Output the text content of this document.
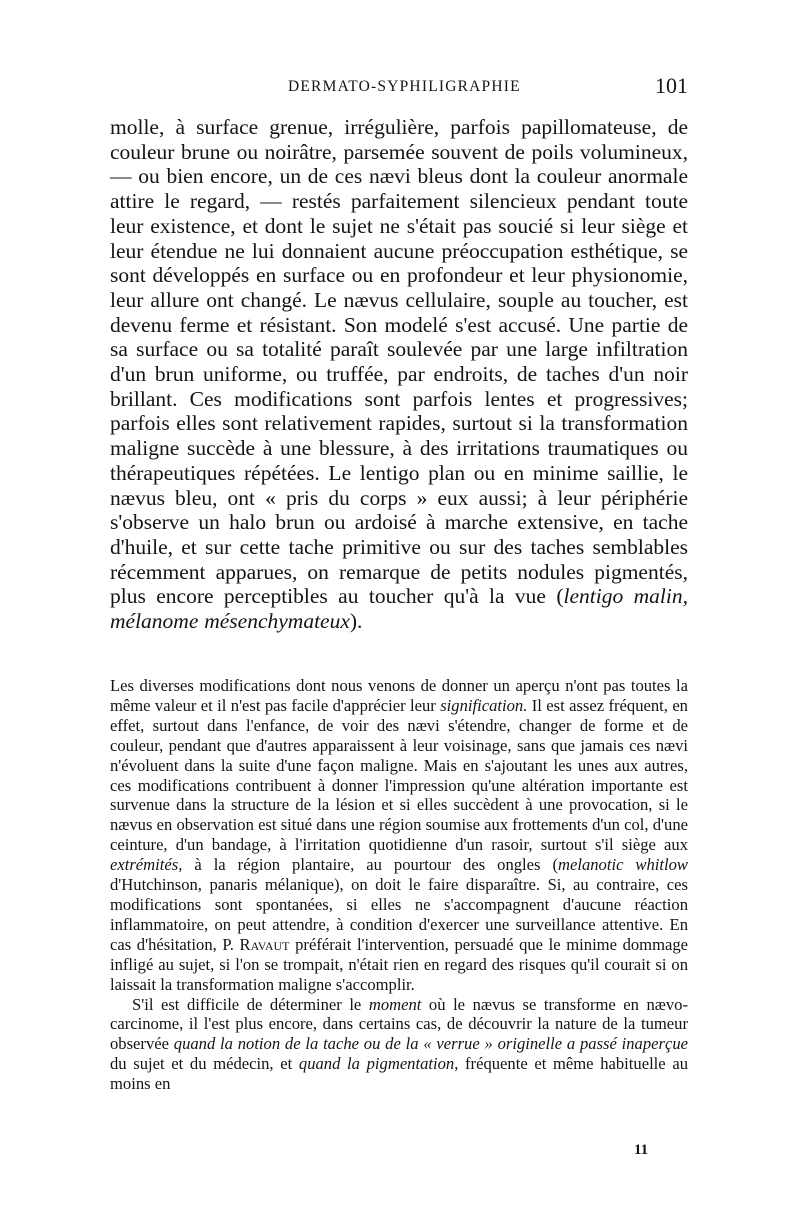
DERMATO-SYPHILIGRAPHIE	101

molle, à surface grenue, irrégulière, parfois papillomateuse, de couleur brune ou noirâtre, parsemée souvent de poils volumineux, — ou bien encore, un de ces nævi bleus dont la couleur anormale attire le regard, — restés parfaitement silencieux pendant toute leur existence, et dont le sujet ne s'était pas soucié si leur siège et leur étendue ne lui donnaient aucune préoccupation esthétique, se sont développés en surface ou en profondeur et leur physionomie, leur allure ont changé. Le nævus cellulaire, souple au toucher, est devenu ferme et résistant. Son modelé s'est accusé. Une partie de sa surface ou sa totalité paraît soulevée par une large infiltration d'un brun uniforme, ou truffée, par endroits, de taches d'un noir brillant. Ces modifications sont parfois lentes et progressives; parfois elles sont relativement rapides, surtout si la transformation maligne succède à une blessure, à des irritations traumatiques ou thérapeutiques répétées. Le lentigo plan ou en minime saillie, le nævus bleu, ont « pris du corps » eux aussi; à leur périphérie s'observe un halo brun ou ardoisé à marche extensive, en tache d'huile, et sur cette tache primitive ou sur des taches semblables récemment apparues, on remarque de petits nodules pigmentés, plus encore perceptibles au toucher qu'à la vue (lentigo malin, mélanome mésenchymateux).

Les diverses modifications dont nous venons de donner un aperçu n'ont pas toutes la même valeur et il n'est pas facile d'apprécier leur signification. Il est assez fréquent, en effet, surtout dans l'enfance, de voir des nævi s'étendre, changer de forme et de couleur, pendant que d'autres apparaissent à leur voisinage, sans que jamais ces nævi n'évoluent dans la suite d'une façon maligne. Mais en s'ajoutant les unes aux autres, ces modifications contribuent à donner l'impression qu'une altération importante est survenue dans la structure de la lésion et si elles succèdent à une provocation, si le nævus en observation est situé dans une région soumise aux frottements d'un col, d'une ceinture, d'un bandage, à l'irritation quotidienne d'un rasoir, surtout s'il siège aux extrémités, à la région plantaire, au pourtour des ongles (melanotic whitlow d'Hutchinson, panaris mélanique), on doit le faire disparaître. Si, au contraire, ces modifications sont spontanées, si elles ne s'accompagnent d'aucune réaction inflammatoire, on peut attendre, à condition d'exercer une surveillance attentive. En cas d'hésitation, P. Ravaut préférait l'intervention, persuadé que le minime dommage infligé au sujet, si l'on se trompait, n'était rien en regard des risques qu'il courait si on laissait la transformation maligne s'accomplir.

S'il est difficile de déterminer le moment où le nævus se transforme en nævo-carcinome, il l'est plus encore, dans certains cas, de découvrir la nature de la tumeur observée quand la notion de la tache ou de la « verrue » originelle a passé inaperçue du sujet et du médecin, et quand la pigmentation, fréquente et même habituelle au moins en

11
